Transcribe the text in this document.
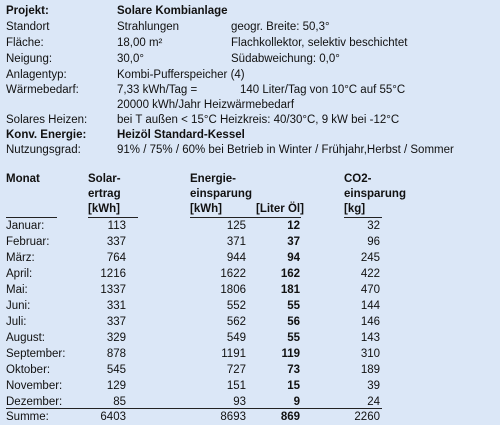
Projekt:	Solare Kombianlage
Standort	Strahlungen	geogr. Breite: 50,3°
Fläche:	18,00 m²	Flachkollektor, selektiv beschichtet
Neigung:	30,0°	Südabweichung: 0,0°
Anlagentyp:	Kombi-Pufferspeicher (4)
Wärmebedarf:	7,33 kWh/Tag =	140 Liter/Tag von 10°C auf 55°C
20000 kWh/Jahr Heizwärmebedarf
Solares Heizen:	bei T außen < 15°C Heizkreis: 40/30°C, 9 kW bei -12°C
Konv. Energie:	Heizöl Standard-Kessel
Nutzungsgrad:	91% / 75% / 60% bei Betrieb in Winter / Frühjahr,Herbst / Sommer
Monat	Solar-
ertrag
[kWh]
Energie-
einsparung
[kWh]	[Liter Öl]
CO2-
einsparung
[kg]
Januar:	113	125	12	32
Februar:	337	371	37	96
März:	764	944	94	245
April:	1216	1622	162	422
Mai:	1337	1806	181	470
Juni:	331	552	55	144
Juli:	337	562	56	146
August:	329	549	55	143
September:	878	1191	119	310
Oktober:	545	727	73	189
November:	129	151	15	39
Dezember:	85	93	9	24
Summe:	6403	8693	869	2260
